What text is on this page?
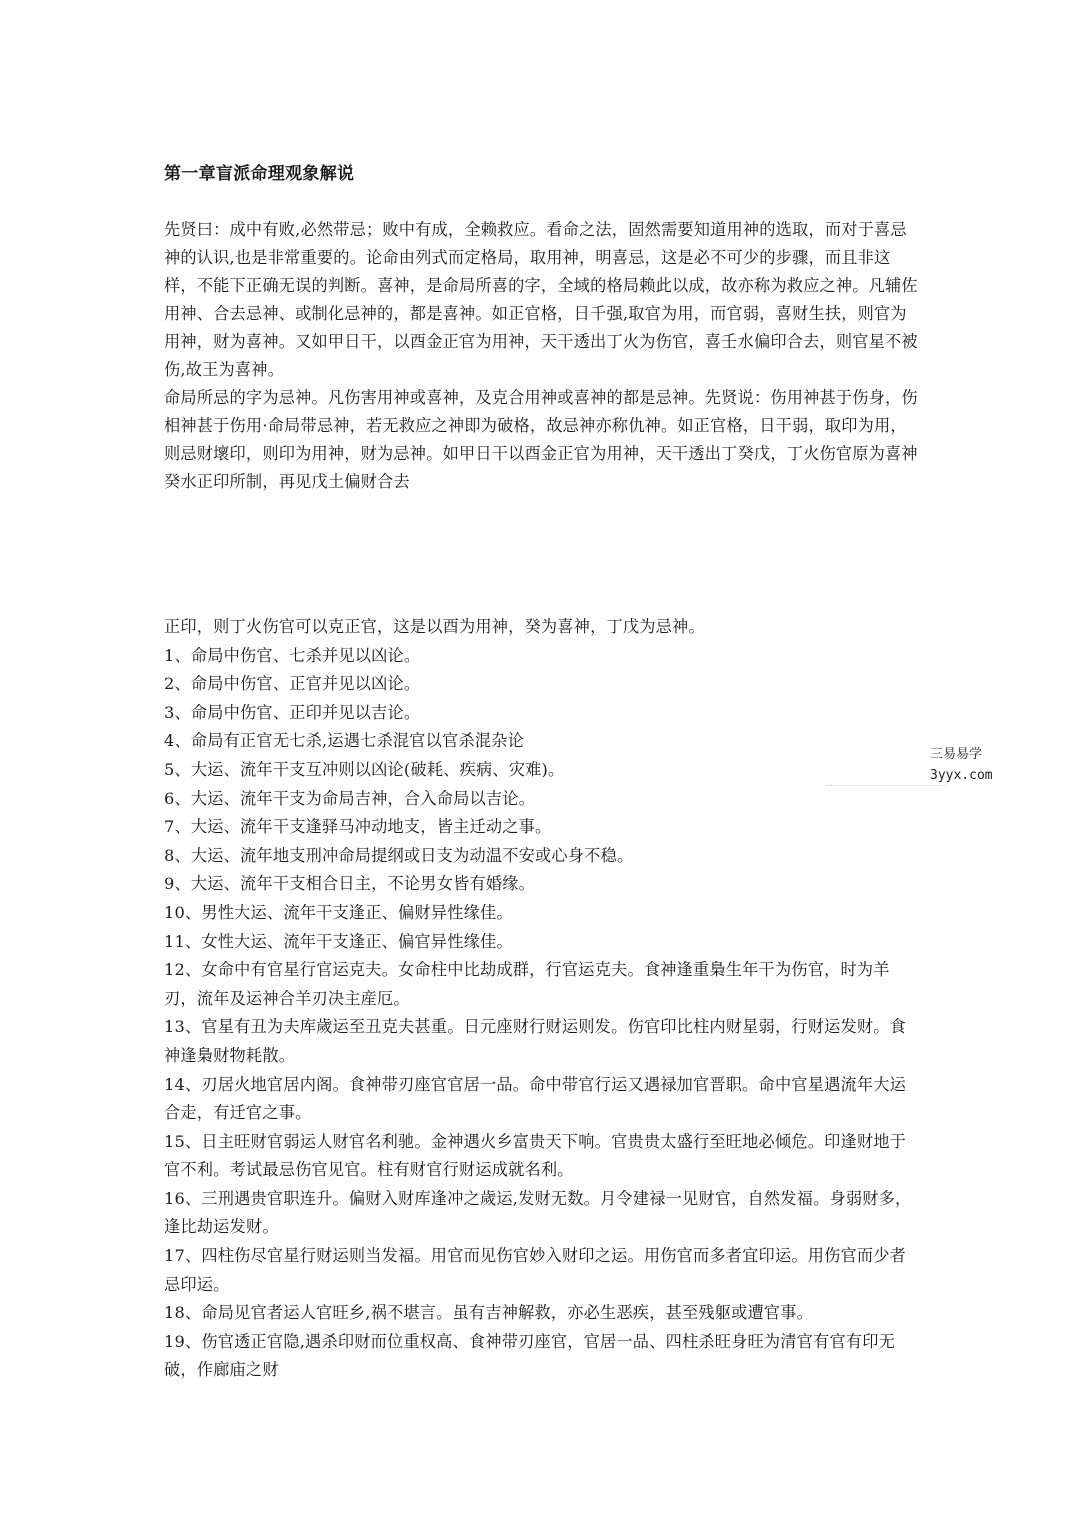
第一章盲派命理观象解说

先贤曰：成中有败,必然带忌；败中有成，全赖救应。看命之法，固然需要知道用神的选取，而对于喜忌神的认识,也是非常重要的。论命由列式而定格局，取用神，明喜忌，这是必不可少的步骤，而且非这样，不能下正确无误的判断。喜神，是命局所喜的字，全域的格局赖此以成，故亦称为救应之神。凡辅佐用神、合去忌神、或制化忌神的，都是喜神。如正官格，日千强,取官为用，而官弱，喜财生扶，则官为用神，财为喜神。又如甲日干，以酉金正官为用神，天干透出丁火为伤官，喜壬水偏印合去，则官星不被伤,故王为喜神。

命局所忌的字为忌神。凡伤害用神或喜神，及克合用神或喜神的都是忌神。先贤说：伤用神甚于伤身，伤相神甚于伤用·命局带忌神，若无救应之神即为破格，故忌神亦称仇神。如正官格，日干弱，取印为用，则忌财壞印，则印为用神，财为忌神。如甲日干以酉金正官为用神，天干透出丁癸戊，丁火伤官原为喜神癸水正印所制，再见戊土偏财合去

正印，则丁火伤官可以克正官，这是以酉为用神，癸为喜神，丁戊为忌神。

1、命局中伤官、七杀并见以凶论。

2、命局中伤官、正官并见以凶论。

3、命局中伤官、正印并见以吉论。

4、命局有正官无七杀,运遇七杀混官以官杀混杂论

5、大运、流年干支互冲则以凶论(破耗、疾病、灾难)。

6、大运、流年干支为命局吉神，合入命局以吉论。

7、大运、流年干支逢驿马冲动地支，皆主迁动之事。

8、大运、流年地支刑冲命局提纲或日支为动温不安或心身不稳。

9、大运、流年干支相合日主，不论男女皆有婚缘。

10、男性大运、流年干支逢正、偏财异性缘佳。

11、女性大运、流年干支逢正、偏官异性缘佳。

12、女命中有官星行官运克夫。女命柱中比劫成群，行官运克夫。食神逢重梟生年干为伤官，时为羊刃，流年及运神合羊刃决主産厄。

13、官星有丑为夫库歲运至丑克夫甚重。日元座财行财运则发。伤官印比柱内财星弱，行财运发财。食神逢梟财物耗散。

14、刃居火地官居内阁。食神带刃座官官居一品。命中带官行运又遇禄加官晋职。命中官星遇流年大运合走，有迁官之事。

15、日主旺财官弱运人财官名利驰。金神遇火乡富贵天下响。官贵贵太盛行至旺地必倾危。印逢财地于官不利。考试最忌伤官见官。柱有财官行财运成就名利。

16、三刑遇贵官职连升。偏财入财库逢冲之歲运,发财无数。月令建禄一见财官，自然发福。身弱财多，逢比劫运发财。

17、四柱伤尽官星行财运则当发福。用官而见伤官妙入财印之运。用伤官而多者宜印运。用伤官而少者忌印运。

18、命局见官者运人官旺乡,祸不堪言。虽有吉神解救，亦必生恶疾，甚至残躯或遭官事。

19、伤官透正官隐,遇杀印财而位重权高、食神带刃座官，官居一品、四柱杀旺身旺为清官有官有印无破，作廊庙之财

三易易学
3yyx.com
